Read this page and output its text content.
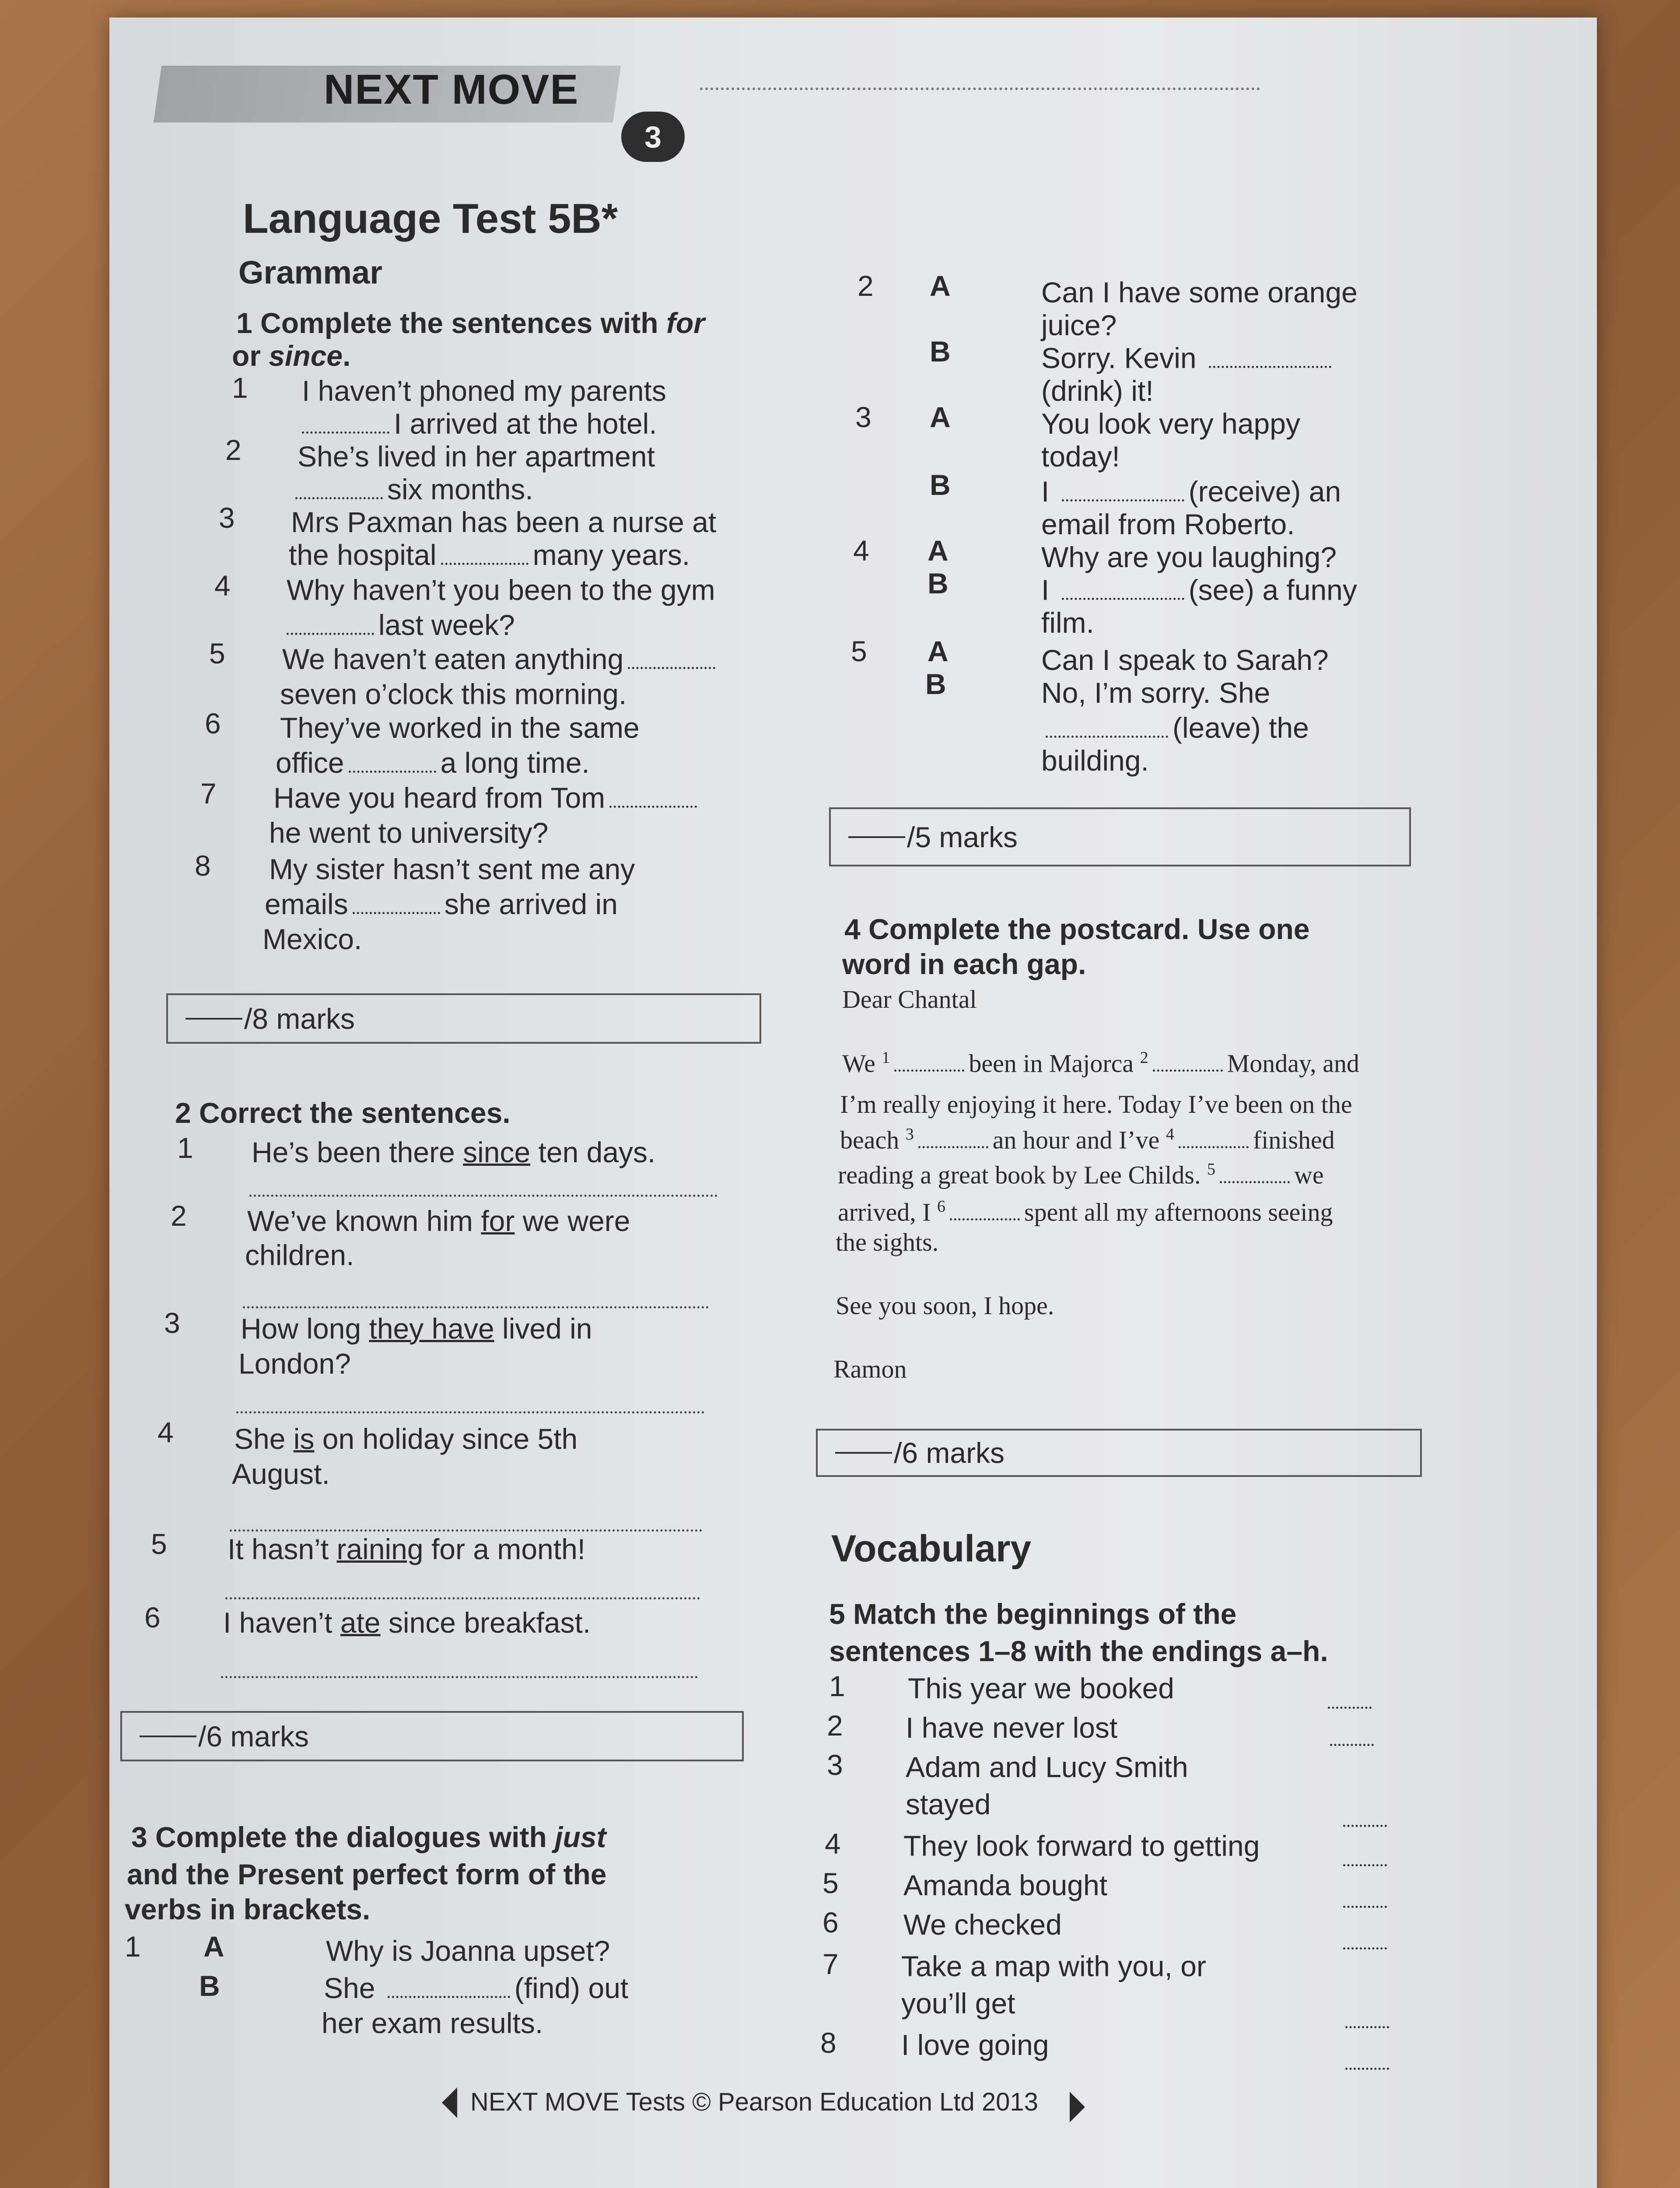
NEXT MOVE
3
Language Test 5B*
Grammar
1 Complete the sentences with for
or since.
1 I haven’t phoned my parents
I arrived at the hotel.
2 She’s lived in her apartment
six months.
3 Mrs Paxman has been a nurse at
the hospital	many years.
4 Why haven’t you been to the gym
last week?
5 We haven’t eaten anything
seven o’clock this morning.
6 They’ve worked in the same
office	a long time.
7 Have you heard from Tom
he went to university?
8 My sister hasn’t sent me any
emails	she arrived in
Mexico.
/8 marks
2 Correct the sentences.
1 He’s been there since ten days.
2 We’ve known him for we were
children.
3 How long they have lived in
London?
4 She is on holiday since 5th
August.
5 It hasn’t raining for a month!
6 I haven’t ate since breakfast.
/6 marks
3 Complete the dialogues with just
and the Present perfect form of the
verbs in brackets.
1 A	Why is Joanna upset?
B	She	(find) out
her exam results.
2 A	Can I have some orange
juice?
B	Sorry. Kevin
(drink) it!
3 A	You look very happy
today!
B	I	(receive) an
email from Roberto.
4 A	Why are you laughing?
B	I	(see) a funny
film.
5 A	Can I speak to Sarah?
B	No, I’m sorry. She
(leave) the
building.
/5 marks
4 Complete the postcard. Use one
word in each gap.
Dear Chantal
We $^1$	been in Majorca $^2$	Monday, and
I’m really enjoying it here. Today I’ve been on the
beach $^3$	an hour and I’ve $^4$	finished
reading a great book by Lee Childs. $^5$	we
arrived, I $^6$	spent all my afternoons seeing
the sights.
See you soon, I hope.
Ramon
/6 marks
Vocabulary
5 Match the beginnings of the
sentences 1–8 with the endings a–h.
1 This year we booked
2 I have never lost
3 Adam and Lucy Smith
stayed
4 They look forward to getting
5 Amanda bought
6 We checked
7 Take a map with you, or
you’ll get
8 I love going
NEXT MOVE Tests © Pearson Education Ltd 2013
